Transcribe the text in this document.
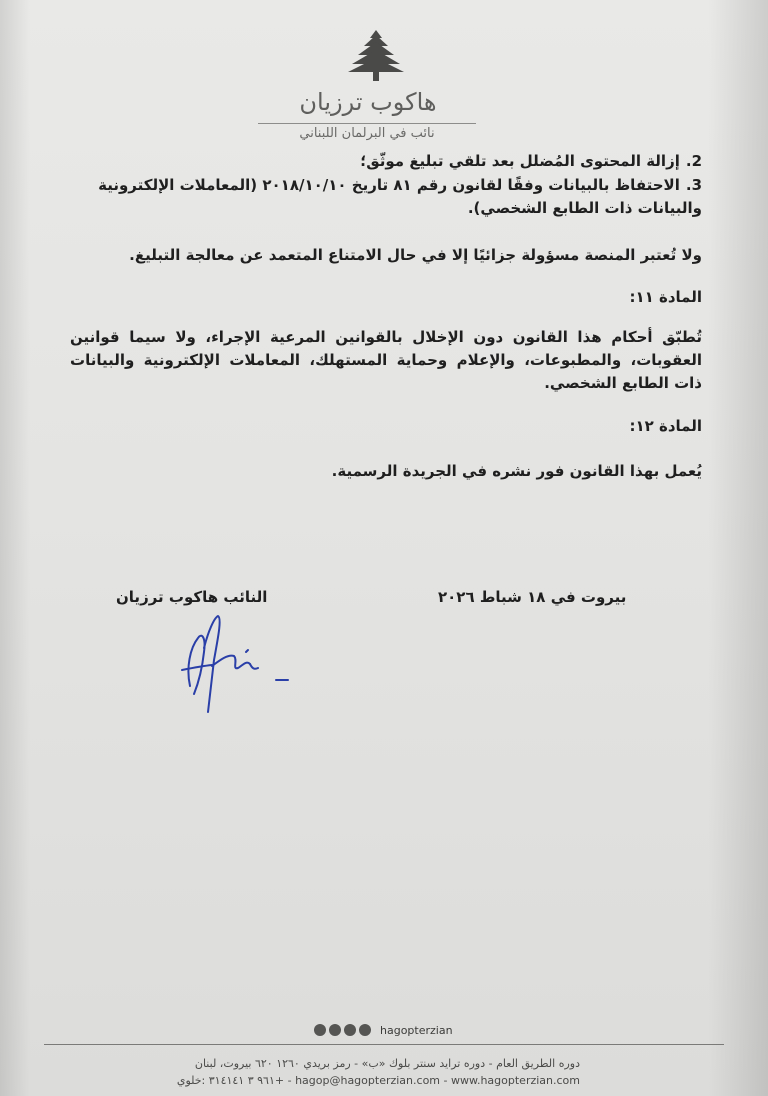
هاكوب ترزيان
نائب في البرلمان اللبناني
2.إزالة المحتوى المُضلل بعد تلقي تبليغ موثّق؛
3.الاحتفاظ بالبيانات وفقًا لقانون رقم ٨١ تاريخ ٢٠١٨/١٠/١٠ (المعاملات الإلكترونية والبيانات ذات الطابع الشخصي).
ولا تُعتبر المنصة مسؤولة جزائيًا إلا في حال الامتناع المتعمد عن معالجة التبليغ.
المادة ١١:
تُطبّق أحكام هذا القانون دون الإخلال بالقوانين المرعية الإجراء، ولا سيما قوانين العقوبات، والمطبوعات، والإعلام وحماية المستهلك، المعاملات الإلكترونية والبيانات ذات الطابع الشخصي.
المادة ١٢:
يُعمل بهذا القانون فور نشره في الجريدة الرسمية.
النائب هاكوب ترزيان	بيروت في ١٨ شباط ٢٠٢٦
hagopterzian
دوره الطريق العام - دوره ترايد سنتر بلوك «ب» - رمز بريدي ١٢٦٠ ٦٢٠ بيروت، لبنان
hagop@hagopterzian.com - www.hagopterzian.com - +٩٦١ ٣ ٣١٤١٤١ :خلوي
